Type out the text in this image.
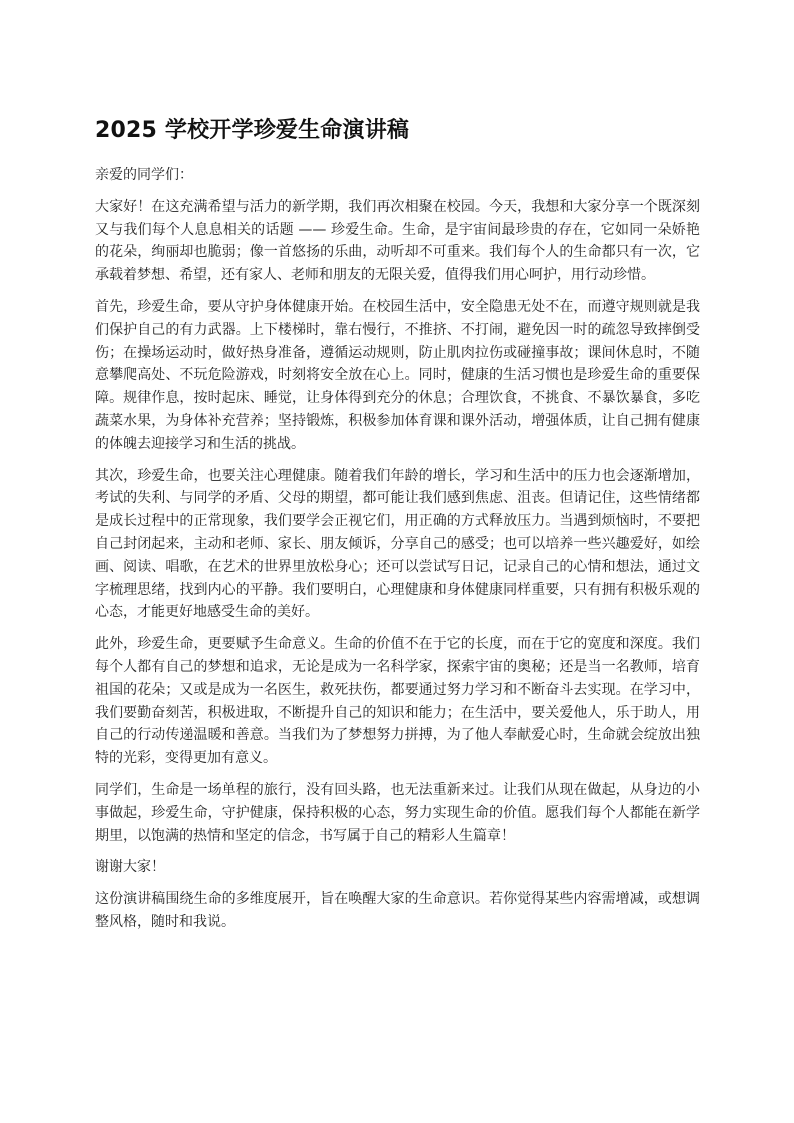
2025 学校开学珍爱生命演讲稿

亲爱的同学们：

大家好！在这充满希望与活力的新学期，我们再次相聚在校园。今天，我想和大家分享一个既深刻又与我们每个人息息相关的话题 —— 珍爱生命。生命，是宇宙间最珍贵的存在，它如同一朵娇艳的花朵，绚丽却也脆弱；像一首悠扬的乐曲，动听却不可重来。我们每个人的生命都只有一次，它承载着梦想、希望，还有家人、老师和朋友的无限关爱，值得我们用心呵护，用行动珍惜。

首先，珍爱生命，要从守护身体健康开始。在校园生活中，安全隐患无处不在，而遵守规则就是我们保护自己的有力武器。上下楼梯时，靠右慢行，不推挤、不打闹，避免因一时的疏忽导致摔倒受伤；在操场运动时，做好热身准备，遵循运动规则，防止肌肉拉伤或碰撞事故；课间休息时，不随意攀爬高处、不玩危险游戏，时刻将安全放在心上。同时，健康的生活习惯也是珍爱生命的重要保障。规律作息，按时起床、睡觉，让身体得到充分的休息；合理饮食，不挑食、不暴饮暴食，多吃蔬菜水果，为身体补充营养；坚持锻炼，积极参加体育课和课外活动，增强体质，让自己拥有健康的体魄去迎接学习和生活的挑战。

其次，珍爱生命，也要关注心理健康。随着我们年龄的增长，学习和生活中的压力也会逐渐增加，考试的失利、与同学的矛盾、父母的期望，都可能让我们感到焦虑、沮丧。但请记住，这些情绪都是成长过程中的正常现象，我们要学会正视它们，用正确的方式释放压力。当遇到烦恼时，不要把自己封闭起来，主动和老师、家长、朋友倾诉，分享自己的感受；也可以培养一些兴趣爱好，如绘画、阅读、唱歌，在艺术的世界里放松身心；还可以尝试写日记，记录自己的心情和想法，通过文字梳理思绪，找到内心的平静。我们要明白，心理健康和身体健康同样重要，只有拥有积极乐观的心态，才能更好地感受生命的美好。

此外，珍爱生命，更要赋予生命意义。生命的价值不在于它的长度，而在于它的宽度和深度。我们每个人都有自己的梦想和追求，无论是成为一名科学家，探索宇宙的奥秘；还是当一名教师，培育祖国的花朵；又或是成为一名医生，救死扶伤，都要通过努力学习和不断奋斗去实现。在学习中，我们要勤奋刻苦，积极进取，不断提升自己的知识和能力；在生活中，要关爱他人，乐于助人，用自己的行动传递温暖和善意。当我们为了梦想努力拼搏，为了他人奉献爱心时，生命就会绽放出独特的光彩，变得更加有意义。

同学们，生命是一场单程的旅行，没有回头路，也无法重新来过。让我们从现在做起，从身边的小事做起，珍爱生命，守护健康，保持积极的心态，努力实现生命的价值。愿我们每个人都能在新学期里，以饱满的热情和坚定的信念，书写属于自己的精彩人生篇章！

谢谢大家！

这份演讲稿围绕生命的多维度展开，旨在唤醒大家的生命意识。若你觉得某些内容需增减，或想调整风格，随时和我说。
